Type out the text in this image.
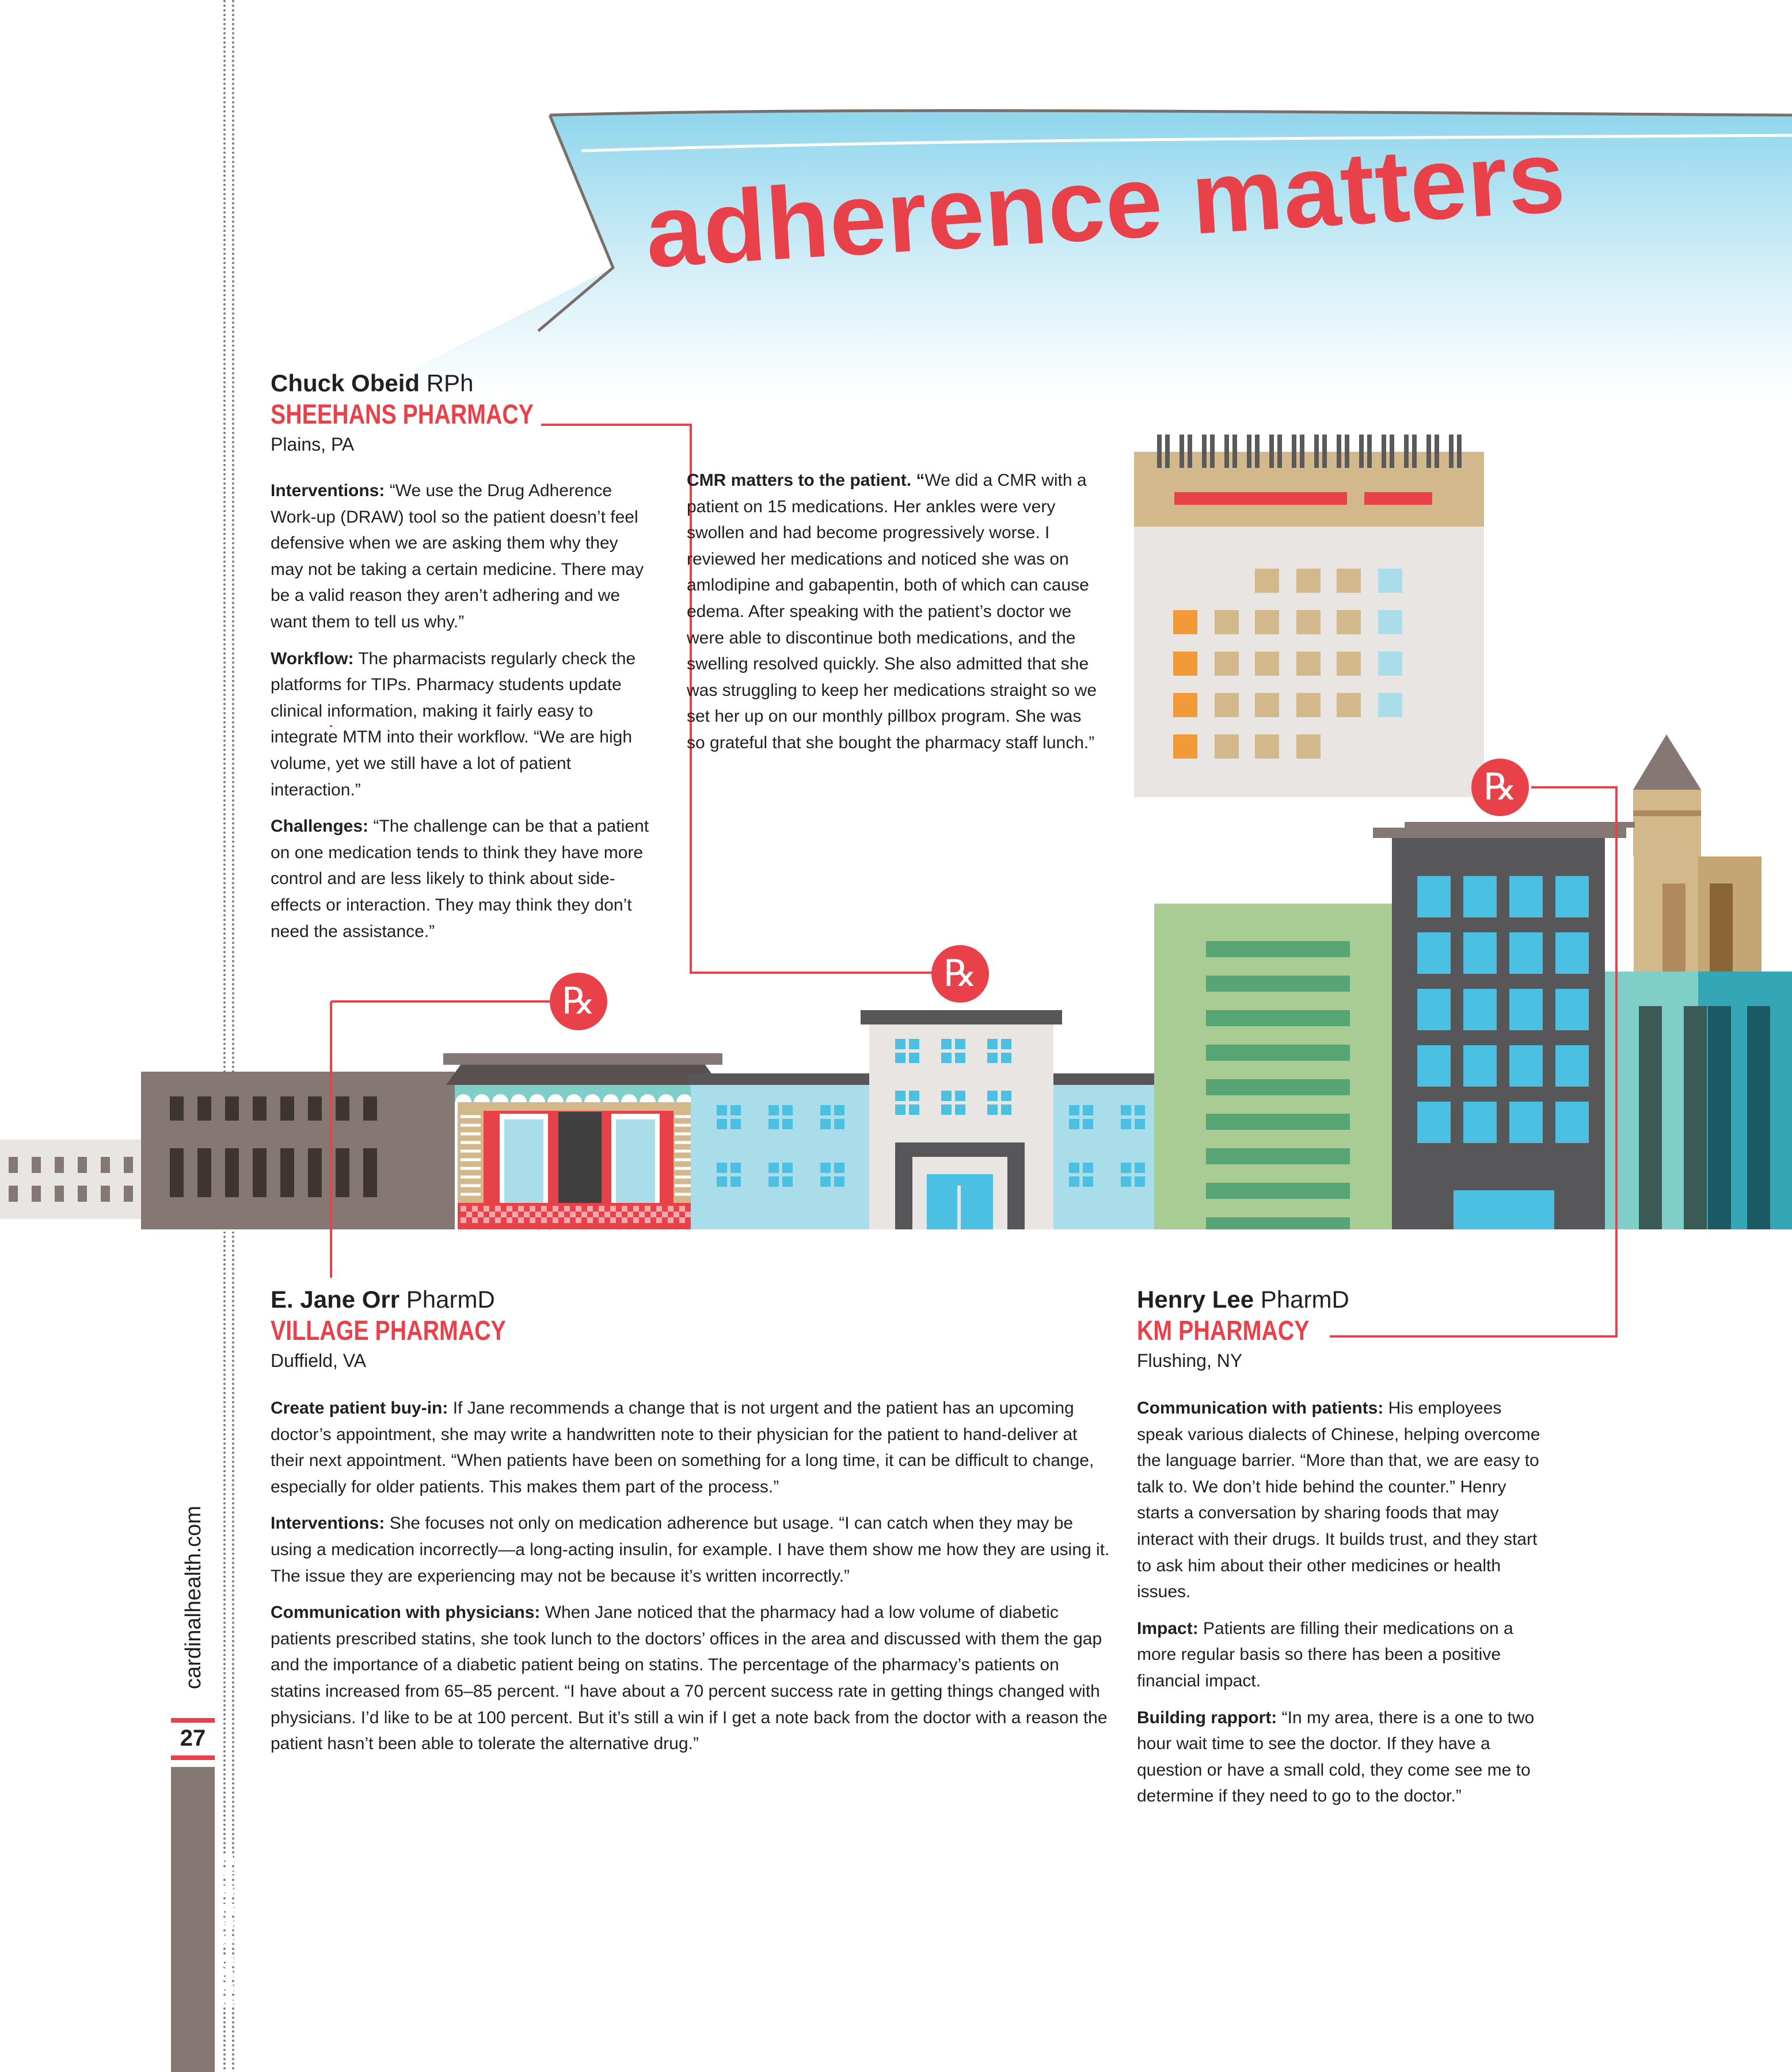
good medicine
27
cardinalhealth.com
adherence matters
℞
℞
℞
Chuck Obeid RPh
SHEEHANS PHARMACY
Plains, PA

Interventions: “We use the Drug Adherence Work-up (DRAW) tool so the patient doesn’t feel defensive when we are asking them why they may not be taking a certain medicine. There may be a valid reason they aren’t adhering and we want them to tell us why.”

Workflow: The pharmacists regularly check the platforms for TIPs. Pharmacy students update clinical information, making it fairly easy to integrate MTM into their workflow. “We are high volume, yet we still have a lot of patient interaction.”

Challenges: “The challenge can be that a patient on one medication tends to think they have more control and are less likely to think about side-effects or interaction. They may think they don’t need the assistance.”

CMR matters to the patient. “We did a CMR with a patient on 15 medications. Her ankles were very swollen and had become progressively worse. I reviewed her medications and noticed she was on amlodipine and gabapentin, both of which can cause edema. After speaking with the patient’s doctor we were able to discontinue both medications, and the swelling resolved quickly. She also admitted that she was struggling to keep her medications straight so we set her up on our monthly pillbox program. She was so grateful that she bought the pharmacy staff lunch.”

E. Jane Orr PharmD
VILLAGE PHARMACY
Duffield, VA

Create patient buy-in: If Jane recommends a change that is not urgent and the patient has an upcoming doctor’s appointment, she may write a handwritten note to their physician for the patient to hand-deliver at their next appointment. “When patients have been on something for a long time, it can be difficult to change, especially for older patients. This makes them part of the process.”

Interventions: She focuses not only on medication adherence but usage. “I can catch when they may be using a medication incorrectly—a long-acting insulin, for example. I have them show me how they are using it. The issue they are experiencing may not be because it’s written incorrectly.”

Communication with physicians: When Jane noticed that the pharmacy had a low volume of diabetic patients prescribed statins, she took lunch to the doctors’ offices in the area and discussed with them the gap and the importance of a diabetic patient being on statins. The percentage of the pharmacy’s patients on statins increased from 65–85 percent. “I have about a 70 percent success rate in getting things changed with physicians. I’d like to be at 100 percent. But it’s still a win if I get a note back from the doctor with a reason the patient hasn’t been able to tolerate the alternative drug.”

Henry Lee PharmD
KM PHARMACY
Flushing, NY

Communication with patients: His employees speak various dialects of Chinese, helping overcome the language barrier. “More than that, we are easy to talk to. We don’t hide behind the counter.” Henry starts a conversation by sharing foods that may interact with their drugs. It builds trust, and they start to ask him about their other medicines or health issues.

Impact: Patients are filling their medications on a more regular basis so there has been a positive financial impact.

Building rapport: “In my area, there is a one to two hour wait time to see the doctor. If they have a question or have a small cold, they come see me to determine if they need to go to the doctor.”
